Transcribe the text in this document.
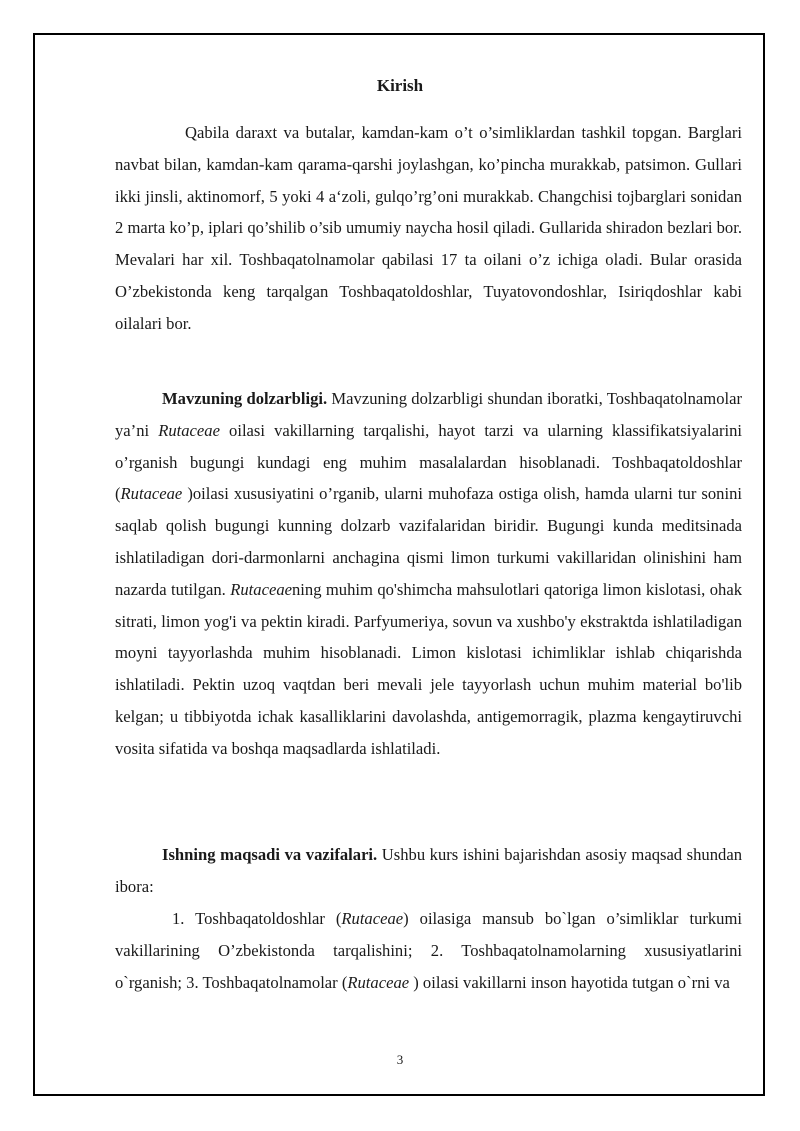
Kirish

Qabila daraxt va butalar, kamdan-kam o’t o’simliklardan tashkil topgan. Barglari navbat bilan, kamdan-kam qarama-qarshi joylashgan, ko’pincha murakkab, patsimon. Gullari ikki jinsli, aktinomorf, 5 yoki 4 a‘zoli, gulqo’rg’oni murakkab. Changchisi tojbarglari sonidan 2 marta ko’p, iplari qo’shilib o’sib umumiy naycha hosil qiladi. Gullarida shiradon bezlari bor. Mevalari har xil. Toshbaqatolnamolar qabilasi 17 ta oilani o’z ichiga oladi. Bular orasida O’zbekistonda keng tarqalgan Toshbaqatoldoshlar, Tuyatovondoshlar, Isiriqdoshlar kabi oilalari bor.

Mavzuning dolzarbligi. Mavzuning dolzarbligi shundan iboratki, Toshbaqatolnamolar ya’ni Rutaceae oilasi vakillarning tarqalishi, hayot tarzi va ularning klassifikatsiyalarini o’rganish bugungi kundagi eng muhim masalalardan hisoblanadi. Toshbaqatoldoshlar (Rutaceae )oilasi xususiyatini o’rganib, ularni muhofaza ostiga olish, hamda ularni tur sonini saqlab qolish bugungi kunning dolzarb vazifalaridan biridir. Bugungi kunda meditsinada ishlatiladigan dori-darmonlarni anchagina qismi limon turkumi vakillaridan olinishini ham nazarda tutilgan. Rutaceaening muhim qo'shimcha mahsulotlari qatoriga limon kislotasi, ohak sitrati, limon yog'i va pektin kiradi. Parfyumeriya, sovun va xushbo'y ekstraktda ishlatiladigan moyni tayyorlashda muhim hisoblanadi. Limon kislotasi ichimliklar ishlab chiqarishda ishlatiladi. Pektin uzoq vaqtdan beri mevali jele tayyorlash uchun muhim material bo'lib kelgan; u tibbiyotda ichak kasalliklarini davolashda, antigemorragik, plazma kengaytiruvchi vosita sifatida va boshqa maqsadlarda ishlatiladi.

Ishning maqsadi va vazifalari. Ushbu kurs ishini bajarishdan asosiy maqsad shundan ibora:

1. Toshbaqatoldoshlar (Rutaceae) oilasiga mansub bo`lgan o’simliklar turkumi vakillarining O’zbekistonda tarqalishini; 2. Toshbaqatolnamolarning xususiyatlarini o`rganish; 3. Toshbaqatolnamolar (Rutaceae ) oilasi vakillarni inson hayotida tutgan o`rni va

3
